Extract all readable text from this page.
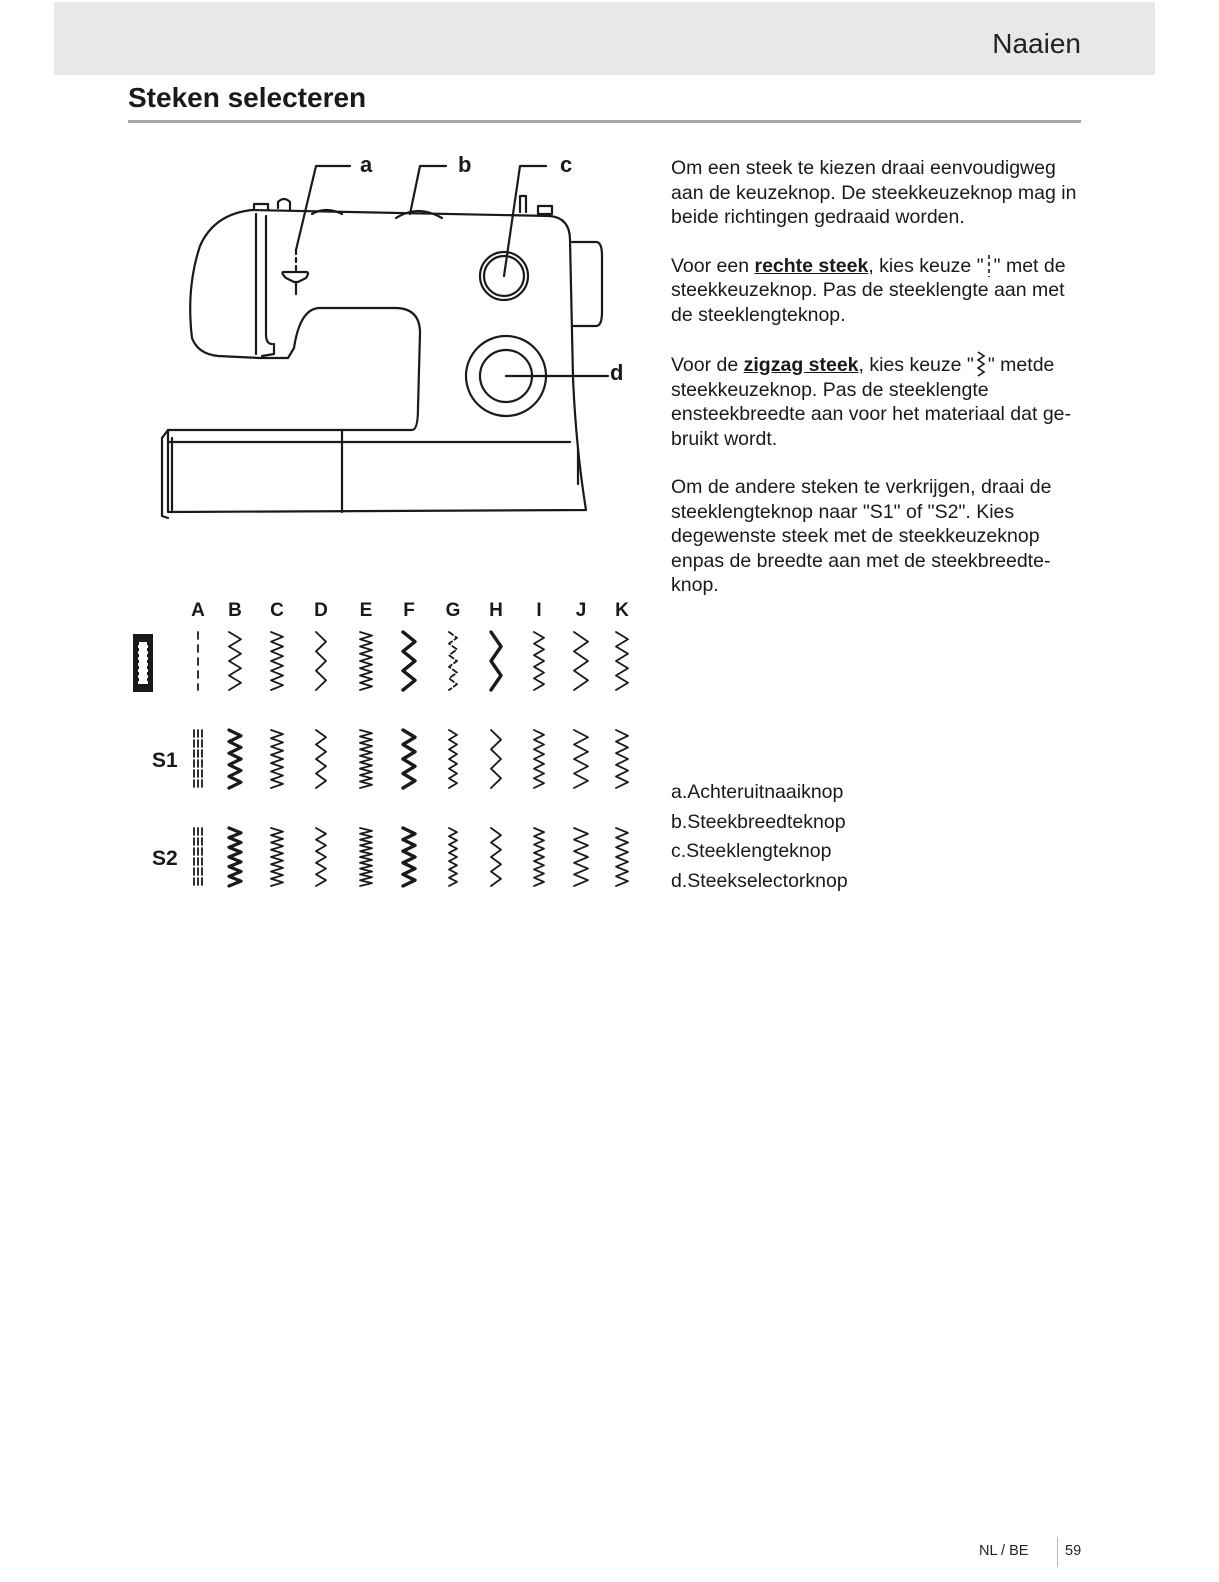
Naaien
Steken selecteren
a	b	c
d
A B C D E F G H I J K
S1
S2

Om een steek te kiezen draai eenvoudigweg aan de keuzeknop. De steekkeuzeknop mag in beide richtingen gedraaid worden.

Voor een rechte steek, kies keuze " " met de steekkeuzeknop. Pas de steeklengte aan met de steeklengteknop.

Voor de zigzag steek, kies keuze " " metde steekkeuzeknop. Pas de steeklengte ensteekbreedte aan voor het materiaal dat ge-bruikt wordt.

Om de andere steken te verkrijgen, draai de steeklengteknop naar "S1" of "S2". Kies degewenste steek met de steekkeuzeknop enpas de breedte aan met de steekbreedte-knop.

a.Achteruitnaaiknop
b.Steekbreedteknop
c.Steeklengteknop
d.Steekselectorknop
NL / BE	59
